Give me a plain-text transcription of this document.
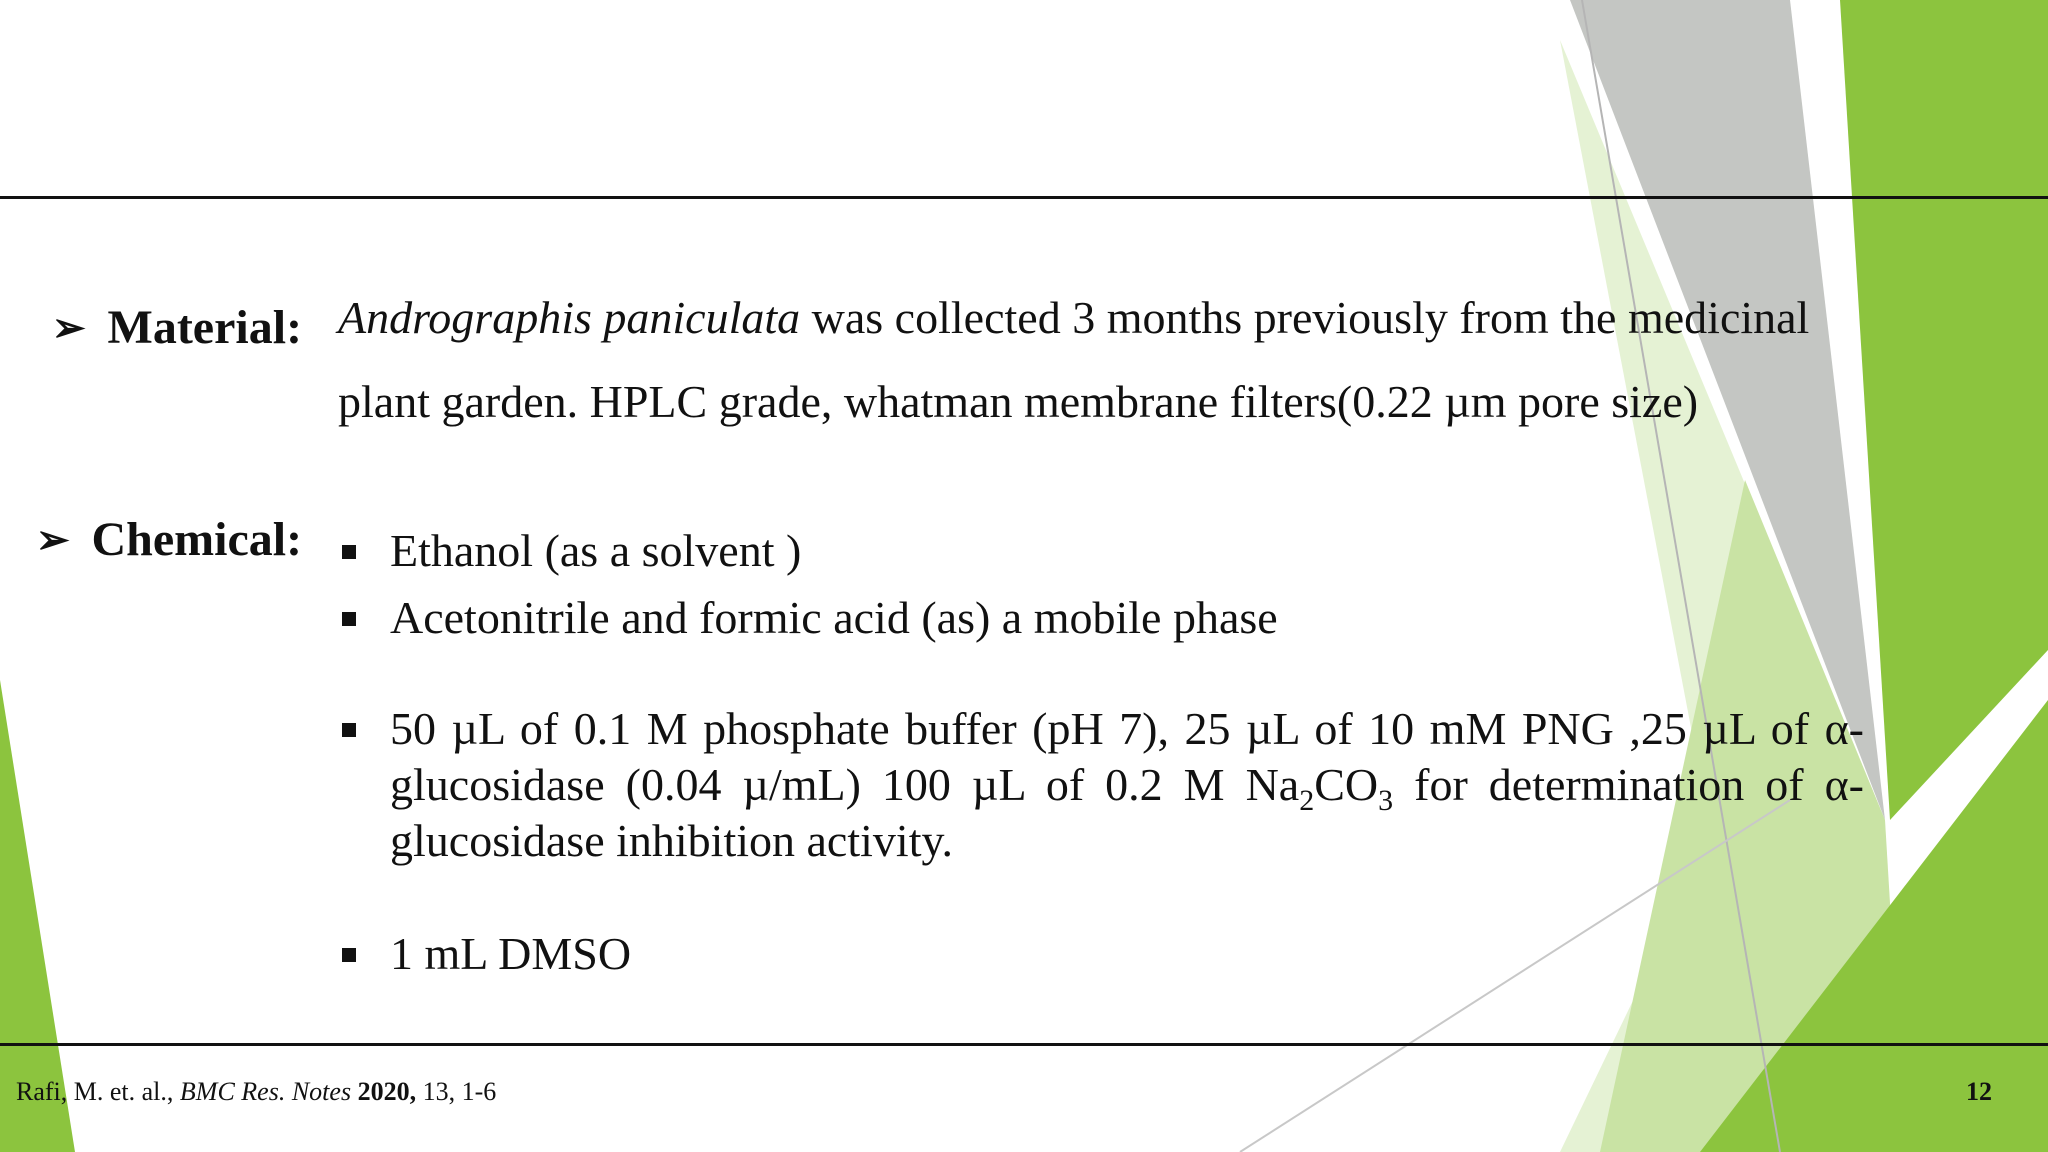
➢ Material: Andrographis paniculata was collected 3 months previously from the medicinal
plant garden. HPLC grade, whatman membrane filters(0.22 µm pore size)
➢ Chemical: Ethanol (as a solvent )
Acetonitrile and formic acid (as) a mobile phase
50 µL of 0.1 M phosphate buffer (pH 7), 25 µL of 10 mM PNG ,25 µL of α-glucosidase (0.04 µ/mL) 100 µL of 0.2 M $Na_2CO_3$ for determination of α-glucosidase inhibition activity.
1 mL DMSO
Rafi, M. et. al., BMC Res. Notes 2020, 13, 1-6	12
